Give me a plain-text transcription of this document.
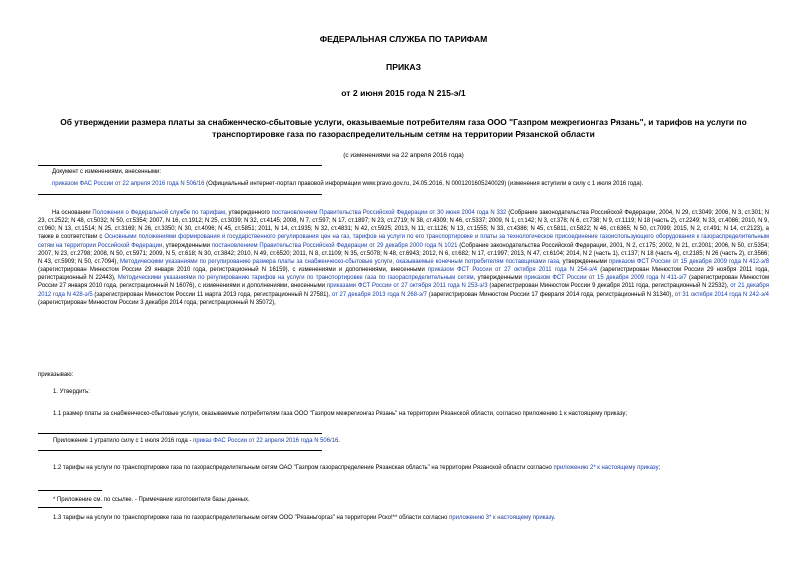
ФЕДЕРАЛЬНАЯ СЛУЖБА ПО ТАРИФАМ
ПРИКАЗ
от 2 июня 2015 года N 215-э/1
Об утверждении размера платы за снабженческо-сбытовые услуги, оказываемые потребителям газа ООО "Газпром межрегионгаз Рязань", и тарифов на услуги по транспортировке газа по газораспределительным сетям на территории Рязанской области
(с изменениями на 22 апреля 2016 года)

Документ с изменениями, внесенными:

приказом ФАС России от 22 апреля 2016 года N 506/16 (Официальный интернет-портал правовой информации www.pravo.gov.ru, 24.05.2016, N 0001201605240029) (изменения вступили в силу с 1 июля 2016 года).

На основании Положения о Федеральной службе по тарифам, утвержденного постановлением Правительства Российской Федерации от 30 июня 2004 года N 332 (Собрание законодательства Российской Федерации, 2004, N 29, ст.3049; 2006, N 3, ст.301; N 23, ст.2522; N 48, ст.5032; N 50, ст.5354; 2007, N 16, ст.1912; N 25, ст.3039; N 32, ст.4145; 2008, N 7, ст.597; N 17, ст.1897; N 23, ст.2719; N 38, ст.4309; N 46, ст.5337; 2009, N 1, ст.142; N 3, ст.378; N 6, ст.738; N 9, ст.1119; N 18 (часть 2), ст.2249; N 33, ст.4086; 2010, N 9, ст.960; N 13, ст.1514; N 25, ст.3169; N 26, ст.3350; N 30, ст.4096; N 45, ст.5851; 2011, N 14, ст.1935; N 32, ст.4831; N 42, ст.5925; 2013, N 11, ст.1126; N 13, ст.1555; N 33, ст.4386; N 45, ст.5811, ст.5822; N 46, ст.6365; N 50, ст.7099; 2015, N 2, ст.491; N 14, ст.2123), а также в соответствии с Основными положениями формирования и государственного регулирования цен на газ, тарифов на услуги по его транспортировке и платы за технологическое присоединение газоиспользующего оборудования к газораспределительным сетям на территории Российской Федерации, утвержденными постановлением Правительства Российской Федерации от 29 декабря 2000 года N 1021 (Собрание законодательства Российской Федерации, 2001, N 2, ст.175; 2002, N 21, ст.2001; 2006, N 50, ст.5354; 2007, N 23, ст.2798; 2008, N 50, ст.5971; 2009, N 5, ст.618; N 30, ст.3842; 2010, N 49, ст.6520; 2011, N 8, ст.1109; N 35, ст.5078; N 48, ст.6943; 2012, N 6, ст.682; N 17, ст.1997; 2013, N 47, ст.6104; 2014, N 2 (часть 1), ст.137; N 18 (часть 4), ст.2185; N 26 (часть 2), ст.3566; N 43, ст.5909; N 50, ст.7094), Методическими указаниями по регулированию размера платы за снабженческо-сбытовые услуги, оказываемые конечным потребителям поставщиками газа, утвержденными приказом ФСТ России от 15 декабря 2009 года N 412-э/8 (зарегистрирован Минюстом России 29 января 2010 года, регистрационный N 16159), с изменениями и дополнениями, внесенными приказом ФСТ России от 27 октября 2011 года N 254-э/4 (зарегистрирован Минюстом России 29 ноября 2011 года, регистрационный N 22443), Методическими указаниями по регулированию тарифов на услуги по транспортировке газа по газораспределительным сетям, утвержденными приказом ФСТ России от 15 декабря 2009 года N 411-э/7 (зарегистрирован Минюстом России 27 января 2010 года, регистрационный N 16076), с изменениями и дополнениями, внесенными приказами ФСТ России от 27 октября 2011 года N 253-э/3 (зарегистрирован Минюстом России 9 декабря 2011 года, регистрационный N 22532), от 21 декабря 2012 года N 428-э/5 (зарегистрирован Минюстом России 11 марта 2013 года, регистрационный N 27581), от 27 декабря 2013 года N 268-э/7 (зарегистрирован Минюстом России 17 февраля 2014 года, регистрационный N 31340), от 31 октября 2014 года N 242-э/4 (зарегистрирован Минюстом России 3 декабря 2014 года, регистрационный N 35072),
приказываю:
1. Утвердить:
1.1 размер платы за снабженческо-сбытовые услуги, оказываемые потребителям газа ООО "Газпром межрегионгаз Рязань" на территории Рязанской области, согласно приложению 1 к настоящему приказу;
Приложение 1 утратило силу с 1 июля 2016 года - приказ ФАС России от 22 апреля 2016 года N 506/16.
1.2 тарифы на услуги по транспортировке газа по газораспределительным сетям ОАО "Газпром газораспределение Рязанская область" на территории Рязанской области согласно приложению 2* к настоящему приказу;
* Приложение см. по ссылке. - Примечание изготовителя базы данных.
1.3 тарифы на услуги по транспортировке газа по газораспределительным сетям ООО "Рязаньгоргаз" на территории Рско!** области согласно приложению 3* к настоящему приказу.
